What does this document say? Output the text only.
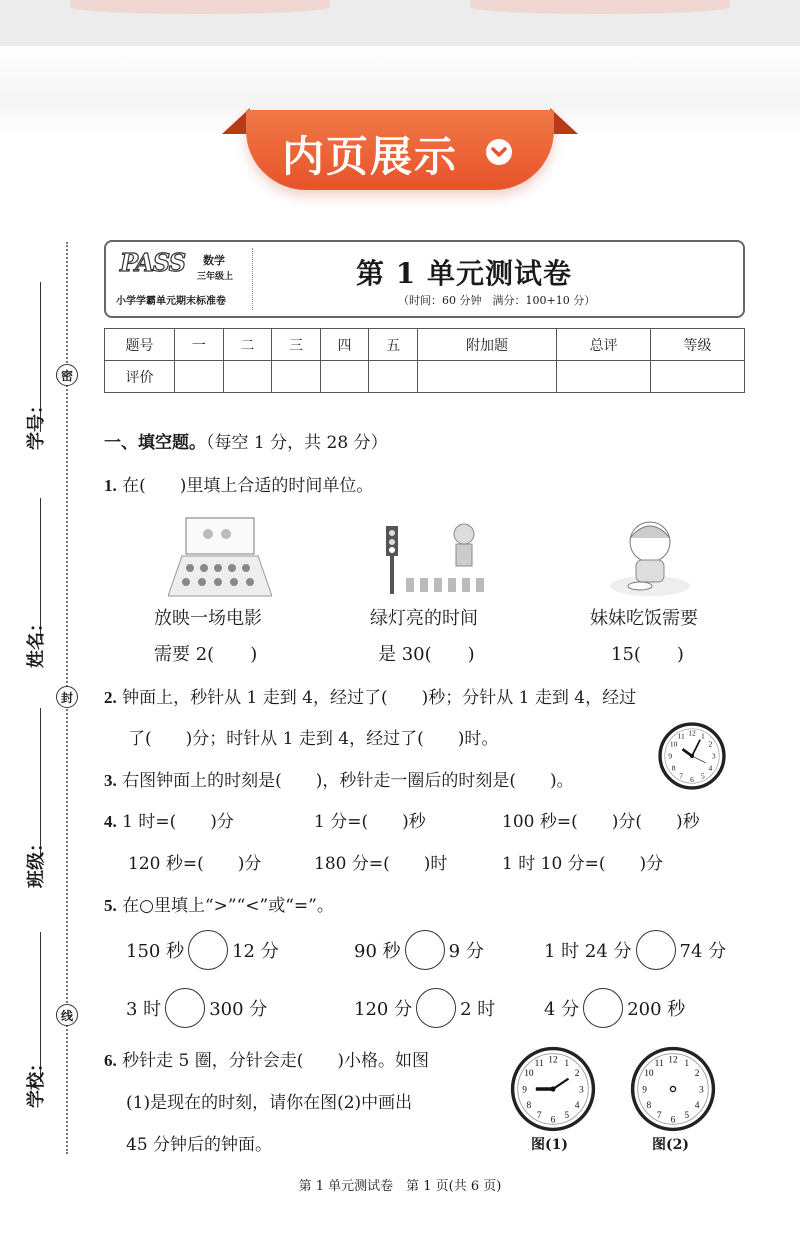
内页展示
密
封
线
学号：
姓名：
班级：
学校：
PASS 数学
三年级上
小学学霸单元期末标准卷
第 1 单元测试卷
（时间：60 分钟　满分：100+10 分）
题号	一	二	三	四	五	附加题	总评	等级
评价								
一、填空题。（每空 1 分，共 28 分）
1. 在(　　)里填上合适的时间单位。
放映一场电影
需要 2(　　)
绿灯亮的时间
是 30(　　)
妹妹吃饭需要
15(　　)
2. 钟面上，秒针从 1 走到 4，经过了(　　)秒；分针从 1 走到 4，经过
了(　　)分；时针从 1 走到 4，经过了(　　)时。	12 1
2
3
4
5
6
7
8
9
10
11
3. 右图钟面上的时刻是(　　)，秒针走一圈后的时刻是(　　)。
4. 1 时=(　　)分	1 分=(　　)秒	100 秒=(　　)分(　　)秒
120 秒=(　　)分	180 分=(　　)时	1 时 10 分=(　　)分
5. 在○里填上“>”“<”或“=”。
150 秒	12 分	90 秒	9 分	1 时 24 分	74 分
3 时	300 分	120 分	2 时	4 分	200 秒
6. 秒针走 5 圈，分针会走(　　)小格。如图
(1)是现在的时刻，请你在图(2)中画出
45 分钟后的钟面。
12 1
2
3
4
5
6
7
8
9
10
11
图(1)
12 1
2
3
4
5
6
7
8
9
10
11
图(2)
第 1 单元测试卷　第 1 页(共 6 页)
